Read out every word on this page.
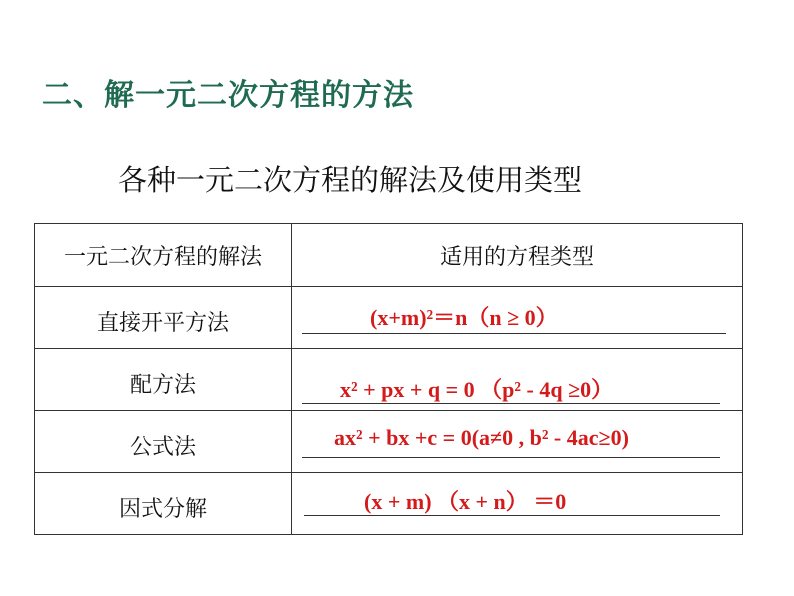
二、解一元二次方程的方法
各种一元二次方程的解法及使用类型
一元二次方程的解法	适用的方程类型
直接开平方法	(x+m)²＝n（n ≥ 0）

配方法	x² + px + q = 0 （p² - 4q ≥0）

公式法	ax² + bx +c = 0(a≠0 , b² - 4ac≥0)

因式分解	(x + m) （x + n） ＝0
